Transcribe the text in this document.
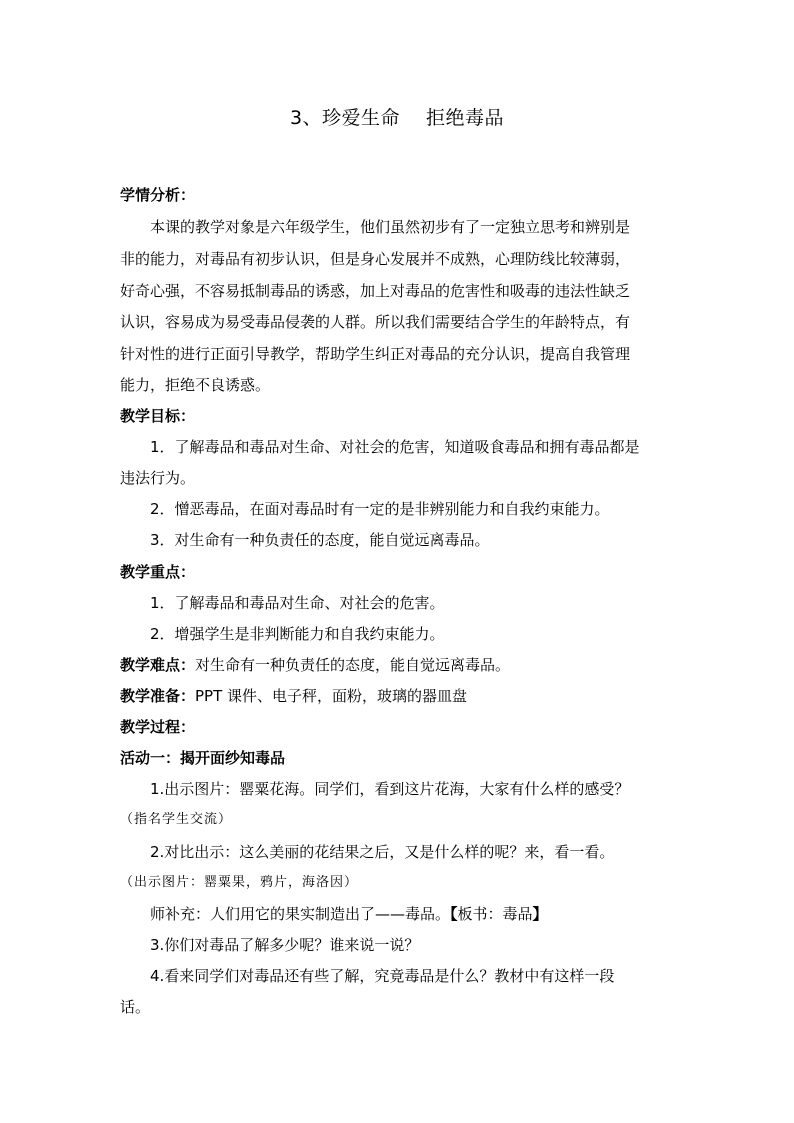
3、珍爱生命 拒绝毒品
学情分析：
本课的教学对象是六年级学生，他们虽然初步有了一定独立思考和辨别是
非的能力，对毒品有初步认识，但是身心发展并不成熟，心理防线比较薄弱，
好奇心强，不容易抵制毒品的诱惑，加上对毒品的危害性和吸毒的违法性缺乏
认识，容易成为易受毒品侵袭的人群。所以我们需要结合学生的年龄特点，有
针对性的进行正面引导教学，帮助学生纠正对毒品的充分认识，提高自我管理
能力，拒绝不良诱惑。
教学目标：
1．了解毒品和毒品对生命、对社会的危害，知道吸食毒品和拥有毒品都是
违法行为。
2．憎恶毒品，在面对毒品时有一定的是非辨别能力和自我约束能力。
3．对生命有一种负责任的态度，能自觉远离毒品。
教学重点：
1．了解毒品和毒品对生命、对社会的危害。
2．增强学生是非判断能力和自我约束能力。
教学难点：对生命有一种负责任的态度，能自觉远离毒品。
教学准备：PPT 课件、电子秤，面粉，玻璃的器皿盘
教学过程：
活动一：揭开面纱知毒品
1.出示图片：罂粟花海。同学们，看到这片花海，大家有什么样的感受？
（指名学生交流）
2.对比出示：这么美丽的花结果之后，又是什么样的呢？来，看一看。
（出示图片：罂粟果，鸦片，海洛因）
师补充：人们用它的果实制造出了——毒品。【板书：毒品】
3.你们对毒品了解多少呢？谁来说一说？
4.看来同学们对毒品还有些了解，究竟毒品是什么？教材中有这样一段
话。
